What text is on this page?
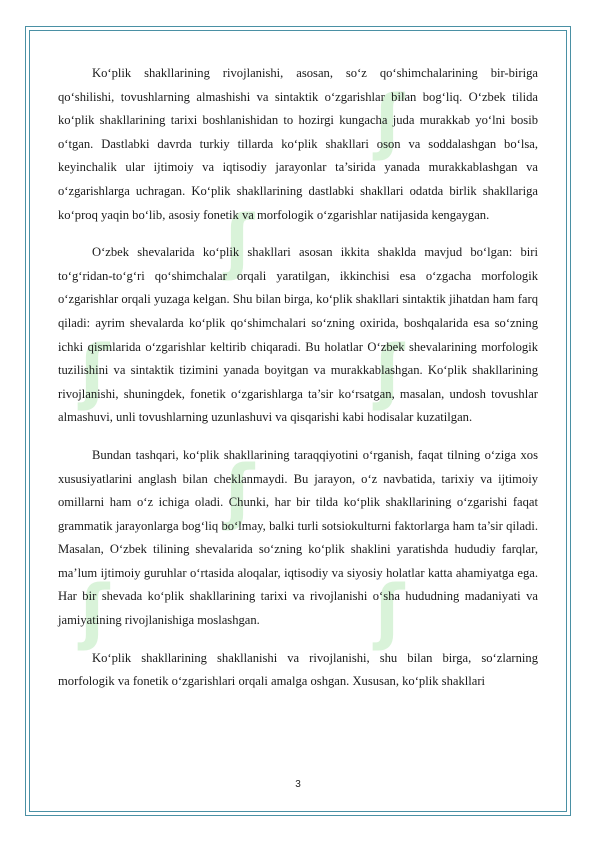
ʃ
ʃ
ʃ
ʃ
ʃ
ʃ
ʃ

Ko‘plik shakllarining rivojlanishi, asosan, so‘z qo‘shimchalarining bir-biriga qo‘shilishi, tovushlarning almashishi va sintaktik o‘zgarishlar bilan bog‘liq. O‘zbek tilida ko‘plik shakllarining tarixi boshlanishidan to hozirgi kungacha juda murakkab yo‘lni bosib o‘tgan. Dastlabki davrda turkiy tillarda ko‘plik shakllari oson va soddalashgan bo‘lsa, keyinchalik ular ijtimoiy va iqtisodiy jarayonlar ta’sirida yanada murakkablashgan va o‘zgarishlarga uchragan. Ko‘plik shakllarining dastlabki shakllari odatda birlik shakllariga ko‘proq yaqin bo‘lib, asosiy fonetik va morfologik o‘zgarishlar natijasida kengaygan.

O‘zbek shevalarida ko‘plik shakllari asosan ikkita shaklda mavjud bo‘lgan: biri to‘g‘ridan-to‘g‘ri qo‘shimchalar orqali yaratilgan, ikkinchisi esa o‘zgacha morfologik o‘zgarishlar orqali yuzaga kelgan. Shu bilan birga, ko‘plik shakllari sintaktik jihatdan ham farq qiladi: ayrim shevalarda ko‘plik qo‘shimchalari so‘zning oxirida, boshqalarida esa so‘zning ichki qismlarida o‘zgarishlar keltirib chiqaradi. Bu holatlar O‘zbek shevalarining morfologik tuzilishini va sintaktik tizimini yanada boyitgan va murakkablashgan. Ko‘plik shakllarining rivojlanishi, shuningdek, fonetik o‘zgarishlarga ta’sir ko‘rsatgan, masalan, undosh tovushlar almashuvi, unli tovushlarning uzunlashuvi va qisqarishi kabi hodisalar kuzatilgan.

Bundan tashqari, ko‘plik shakllarining taraqqiyotini o‘rganish, faqat tilning o‘ziga xos xususiyatlarini anglash bilan cheklanmaydi. Bu jarayon, o‘z navbatida, tarixiy va ijtimoiy omillarni ham o‘z ichiga oladi. Chunki, har bir tilda ko‘plik shakllarining o‘zgarishi faqat grammatik jarayonlarga bog‘liq bo‘lmay, balki turli sotsiokulturni faktorlarga ham ta’sir qiladi. Masalan, O‘zbek tilining shevalarida so‘zning ko‘plik shaklini yaratishda hududiy farqlar, ma’lum ijtimoiy guruhlar o‘rtasida aloqalar, iqtisodiy va siyosiy holatlar katta ahamiyatga ega. Har bir shevada ko‘plik shakllarining tarixi va rivojlanishi o‘sha hududning madaniyati va jamiyatining rivojlanishiga moslashgan.

Ko‘plik shakllarining shakllanishi va rivojlanishi, shu bilan birga, so‘zlarning morfologik va fonetik o‘zgarishlari orqali amalga oshgan. Xususan, ko‘plik shakllari

3
